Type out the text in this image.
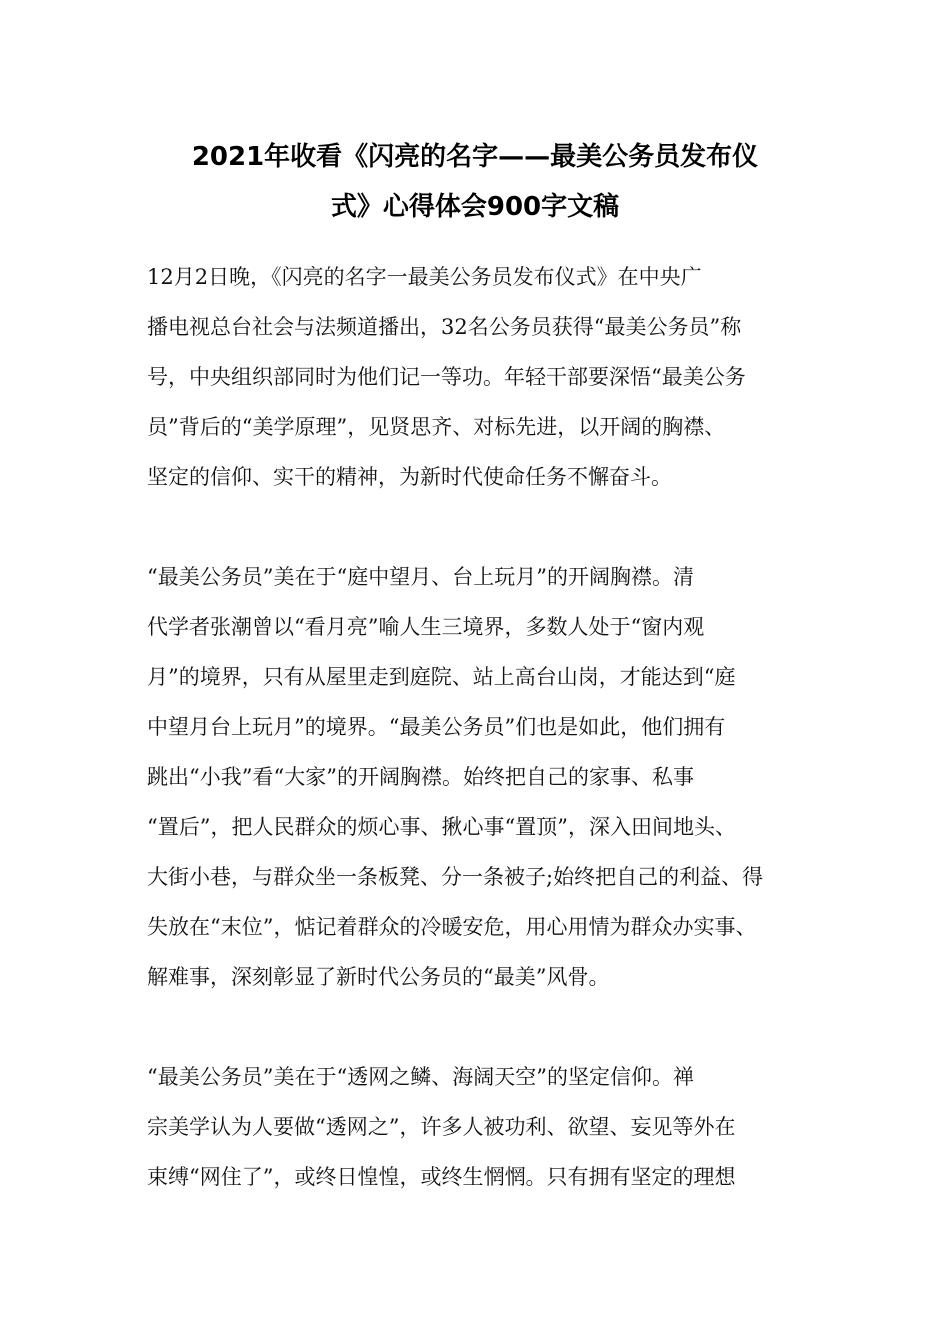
2021年收看《闪亮的名字——最美公务员发布仪
式》心得体会900字文稿
12月2日晚，《闪亮的名字一最美公务员发布仪式》在中央广
播电视总台社会与法频道播出，32名公务员获得“最美公务员”称
号，中央组织部同时为他们记一等功。年轻干部要深悟“最美公务
员”背后的“美学原理”，见贤思齐、对标先进，以开阔的胸襟、
坚定的信仰、实干的精神，为新时代使命任务不懈奋斗。
“最美公务员”美在于“庭中望月、台上玩月”的开阔胸襟。清
代学者张潮曾以“看月亮”喻人生三境界，多数人处于“窗内观
月”的境界，只有从屋里走到庭院、站上高台山岗，才能达到“庭
中望月台上玩月”的境界。“最美公务员”们也是如此，他们拥有
跳出“小我”看“大家”的开阔胸襟。始终把自己的家事、私事
“置后”，把人民群众的烦心事、揪心事“置顶”，深入田间地头、
大街小巷，与群众坐一条板凳、分一条被子;始终把自己的利益、得
失放在“末位”，惦记着群众的冷暖安危，用心用情为群众办实事、
解难事，深刻彰显了新时代公务员的“最美”风骨。
“最美公务员”美在于“透网之鳞、海阔天空”的坚定信仰。禅
宗美学认为人要做“透网之”，许多人被功利、欲望、妄见等外在
束缚“网住了”，或终日惶惶，或终生惘惘。只有拥有坚定的理想
